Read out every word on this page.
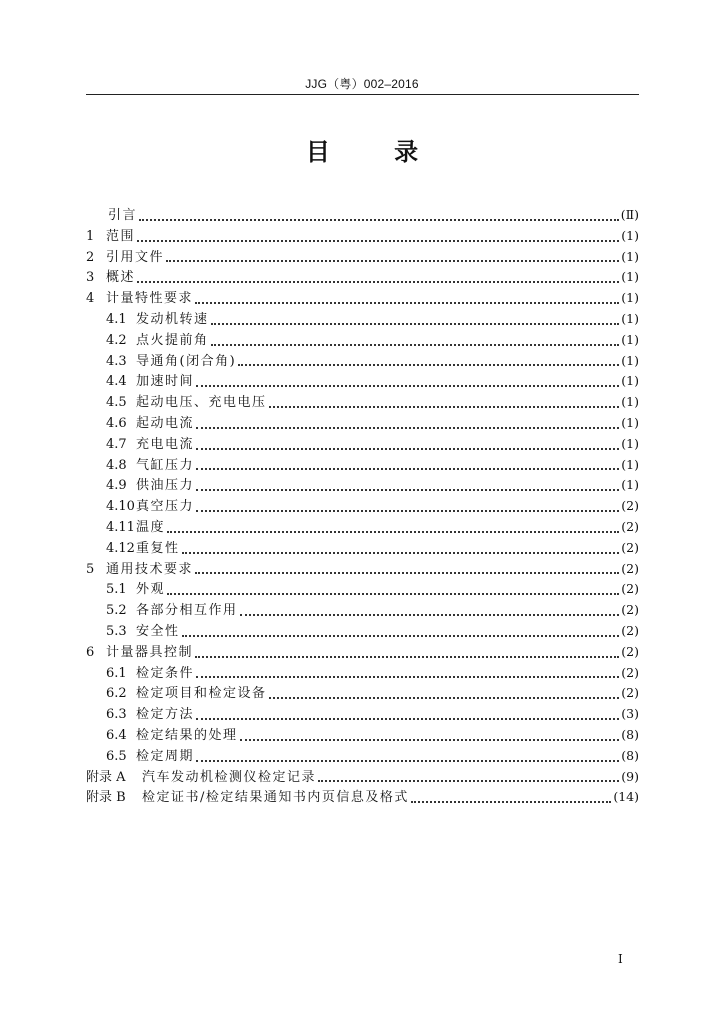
JJG（粤）002–2016
目 录
引言	(Ⅱ)
1 范围	(1)
2 引用文件	(1)
3 概述	(1)
4 计量特性要求	(1)
4.1 发动机转速	(1)
4.2 点火提前角	(1)
4.3 导通角(闭合角)	(1)
4.4 加速时间	(1)
4.5 起动电压、充电电压	(1)
4.6 起动电流	(1)
4.7 充电电流	(1)
4.8 气缸压力	(1)
4.9 供油压力	(1)
4.10 真空压力	(2)
4.11 温度	(2)
4.12 重复性	(2)
5 通用技术要求	(2)
5.1 外观	(2)
5.2 各部分相互作用	(2)
5.3 安全性	(2)
6 计量器具控制	(2)
6.1 检定条件	(2)
6.2 检定项目和检定设备	(2)
6.3 检定方法	(3)
6.4 检定结果的处理	(8)
6.5 检定周期	(8)
附录 A	汽车发动机检测仪检定记录	(9)
附录 B	检定证书/检定结果通知书内页信息及格式	(14)
Ⅰ
